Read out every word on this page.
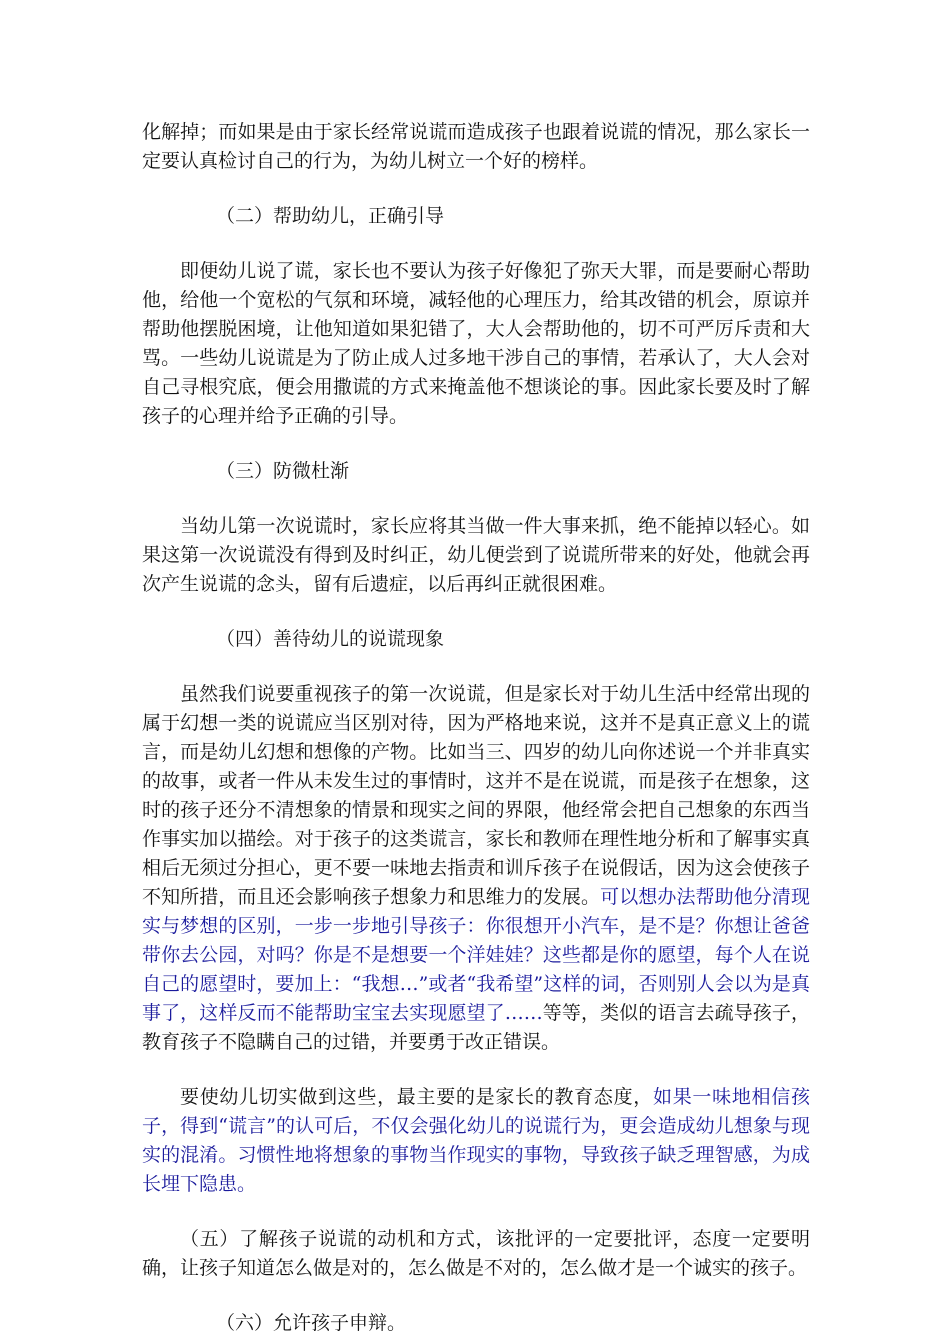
化解掉；而如果是由于家长经常说谎而造成孩子也跟着说谎的情况，那么家长一定要认真检讨自己的行为，为幼儿树立一个好的榜样。

（二）帮助幼儿，正确引导

即便幼儿说了谎，家长也不要认为孩子好像犯了弥天大罪，而是要耐心帮助他，给他一个宽松的气氛和环境，减轻他的心理压力，给其改错的机会，原谅并帮助他摆脱困境，让他知道如果犯错了，大人会帮助他的，切不可严厉斥责和大骂。一些幼儿说谎是为了防止成人过多地干涉自己的事情，若承认了，大人会对自己寻根究底，便会用撒谎的方式来掩盖他不想谈论的事。因此家长要及时了解孩子的心理并给予正确的引导。

（三）防微杜渐

当幼儿第一次说谎时，家长应将其当做一件大事来抓，绝不能掉以轻心。如果这第一次说谎没有得到及时纠正，幼儿便尝到了说谎所带来的好处，他就会再次产生说谎的念头，留有后遗症，以后再纠正就很困难。

（四）善待幼儿的说谎现象

虽然我们说要重视孩子的第一次说谎，但是家长对于幼儿生活中经常出现的属于幻想一类的说谎应当区别对待，因为严格地来说，这并不是真正意义上的谎言，而是幼儿幻想和想像的产物。比如当三、四岁的幼儿向你述说一个并非真实的故事，或者一件从未发生过的事情时，这并不是在说谎，而是孩子在想象，这时的孩子还分不清想象的情景和现实之间的界限，他经常会把自己想象的东西当作事实加以描绘。对于孩子的这类谎言，家长和教师在理性地分析和了解事实真相后无须过分担心，更不要一味地去指责和训斥孩子在说假话，因为这会使孩子不知所措，而且还会影响孩子想象力和思维力的发展。可以想办法帮助他分清现实与梦想的区别，一步一步地引导孩子：你很想开小汽车，是不是？你想让爸爸带你去公园，对吗？你是不是想要一个洋娃娃？这些都是你的愿望，每个人在说自己的愿望时，要加上：“我想…”或者“我希望”这样的词，否则别人会以为是真事了，这样反而不能帮助宝宝去实现愿望了……等等，类似的语言去疏导孩子，教育孩子不隐瞒自己的过错，并要勇于改正错误。

要使幼儿切实做到这些，最主要的是家长的教育态度，如果一味地相信孩子，得到“谎言”的认可后，不仅会强化幼儿的说谎行为，更会造成幼儿想象与现实的混淆。习惯性地将想象的事物当作现实的事物，导致孩子缺乏理智感，为成长埋下隐患。

（五）了解孩子说谎的动机和方式，该批评的一定要批评，态度一定要明确，让孩子知道怎么做是对的，怎么做是不对的，怎么做才是一个诚实的孩子。

（六）允许孩子申辩。
